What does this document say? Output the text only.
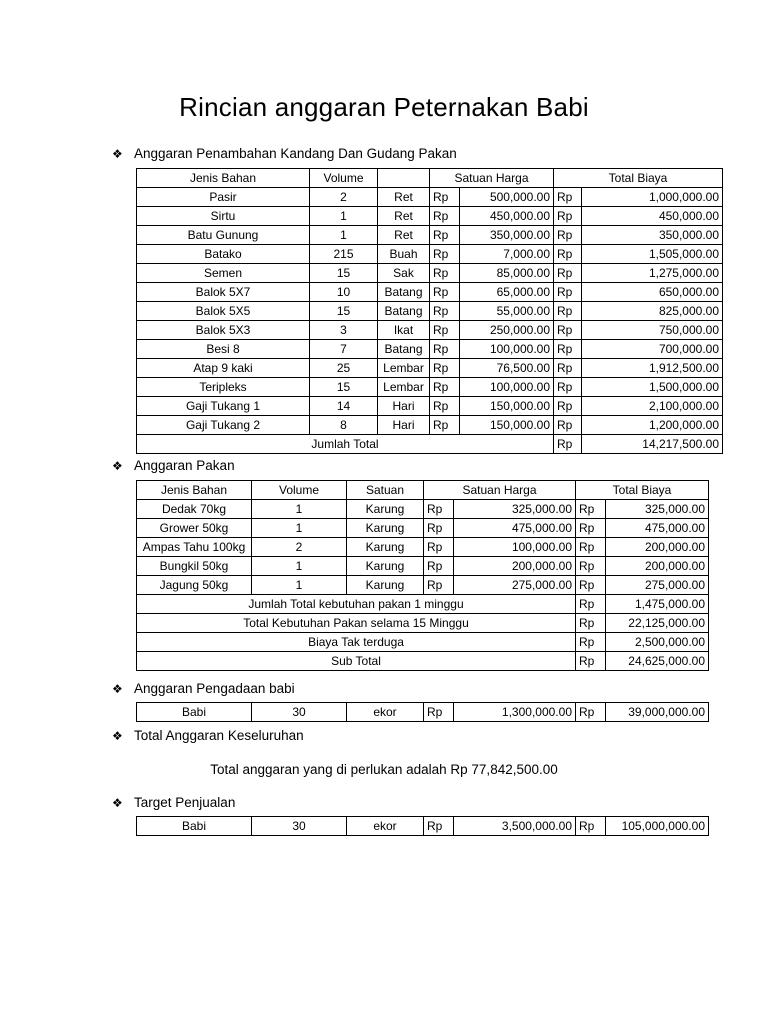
Rincian anggaran Peternakan Babi
❖ Anggaran Penambahan Kandang Dan Gudang Pakan
Jenis Bahan	Volume		Satuan Harga		Total Biaya	
Pasir	2	Ret	Rp	500,000.00	Rp	1,000,000.00
Sirtu	1	Ret	Rp	450,000.00	Rp	450,000.00
Batu Gunung	1	Ret	Rp	350,000.00	Rp	350,000.00
Batako	215	Buah	Rp	7,000.00	Rp	1,505,000.00
Semen	15	Sak	Rp	85,000.00	Rp	1,275,000.00
Balok 5X7	10	Batang	Rp	65,000.00	Rp	650,000.00
Balok 5X5	15	Batang	Rp	55,000.00	Rp	825,000.00
Balok 5X3	3	Ikat	Rp	250,000.00	Rp	750,000.00
Besi 8	7	Batang	Rp	100,000.00	Rp	700,000.00
Atap 9 kaki	25	Lembar	Rp	76,500.00	Rp	1,912,500.00
Teripleks	15	Lembar	Rp	100,000.00	Rp	1,500,000.00
Gaji Tukang 1	14	Hari	Rp	150,000.00	Rp	2,100,000.00
Gaji Tukang 2	8	Hari	Rp	150,000.00	Rp	1,200,000.00
Jumlah Total					Rp	14,217,500.00
❖ Anggaran Pakan
Jenis Bahan	Volume	Satuan	Satuan Harga		Total Biaya	
Dedak 70kg	1	Karung	Rp	325,000.00	Rp	325,000.00
Grower 50kg	1	Karung	Rp	475,000.00	Rp	475,000.00
Ampas Tahu 100kg	2	Karung	Rp	100,000.00	Rp	200,000.00
Bungkil 50kg	1	Karung	Rp	200,000.00	Rp	200,000.00
Jagung 50kg	1	Karung	Rp	275,000.00	Rp	275,000.00
Jumlah Total kebutuhan pakan 1 minggu					Rp	1,475,000.00
Total Kebutuhan Pakan selama 15 Minggu					Rp	22,125,000.00
Biaya Tak terduga					Rp	2,500,000.00
Sub Total					Rp	24,625,000.00
❖ Anggaran Pengadaan babi
Babi	30	ekor	Rp	1,300,000.00	Rp	39,000,000.00
❖ Total Anggaran Keseluruhan
Total anggaran yang di perlukan adalah Rp 77,842,500.00
❖ Target Penjualan
Babi	30	ekor	Rp	3,500,000.00	Rp	105,000,000.00
